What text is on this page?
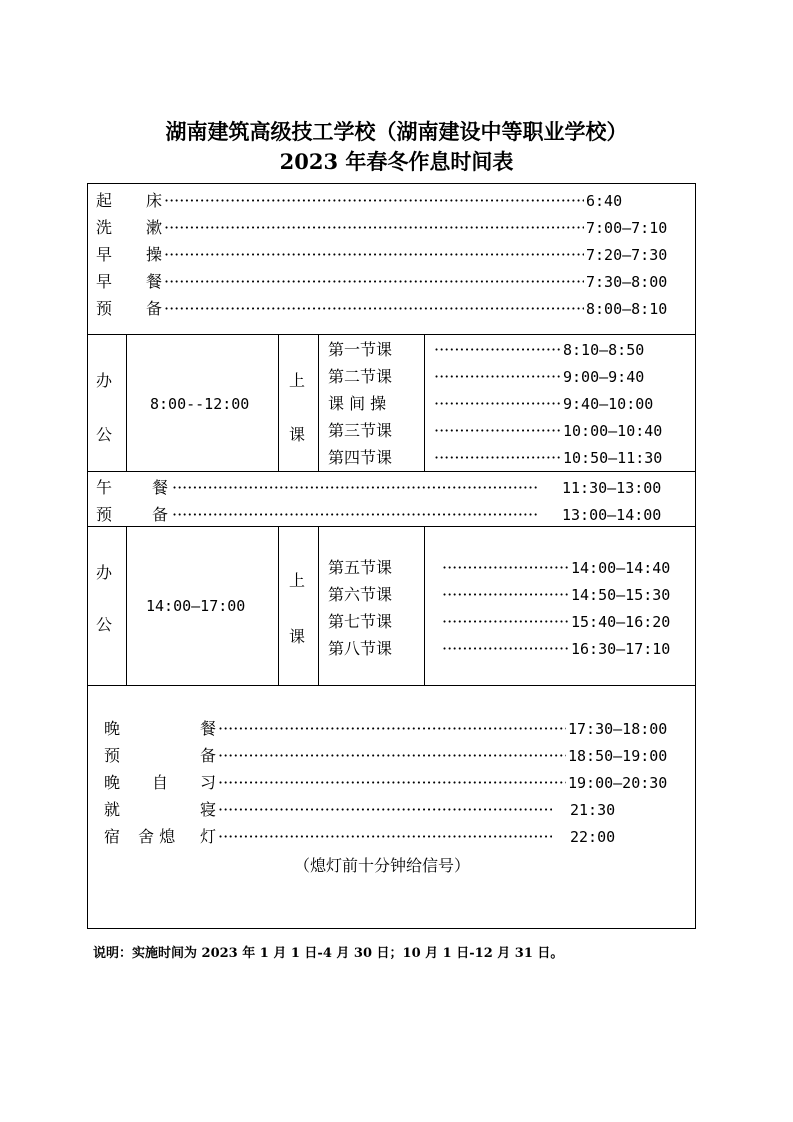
湖南建筑高级技工学校（湖南建设中等职业学校）
2023 年春冬作息时间表
起 床 ·····	6:40
洗 漱 ·····	7:00—7:10
早 操 ·····	7:20—7:30
早 餐 ·····	7:30—8:00
预 备 ·····	8:00—8:10
办
公
8:00--12:00
上
课
第一节课 ·····	8:10—8:50
第二节课 ·····	9:00—9:40
课 间 操 ·····	9:40—10:00
第三节课 ·····	10:00—10:40
第四节课 ·····	10:50—11:30
午 餐 ·····	11:30—13:00
预 备 ·····	13:00—14:00
办
公
14:00—17:00
上
课
第五节课 ·····	14:00—14:40
第六节课 ·····	14:50—15:30
第七节课 ·····	15:40—16:20
第八节课 ·····	16:30—17:10
晚	餐 ·····	17:30—18:00
预	备 ·····	18:50—19:00
晚 自 习 ·····	19:00—20:30
就	寝 ·····	21:30
宿 舍 熄 灯 ·····	22:00
（熄灯前十分钟给信号）
说明：实施时间为 2023 年 1 月 1 日-4 月 30 日；10 月 1 日-12 月 31 日。
